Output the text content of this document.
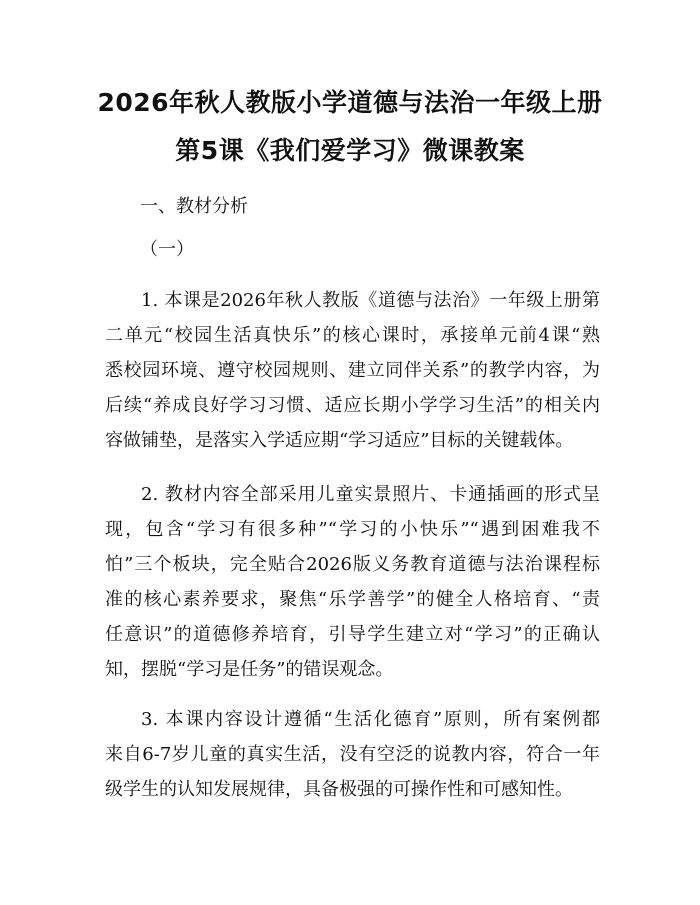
2026年秋人教版小学道德与法治一年级上册
第5课《我们爱学习》微课教案
一、教材分析
（一）
1. 本课是2026年秋人教版《道德与法治》一年级上册第
二单元“校园生活真快乐”的核心课时，承接单元前4课“熟
悉校园环境、遵守校园规则、建立同伴关系”的教学内容，为
后续“养成良好学习习惯、适应长期小学学习生活”的相关内
容做铺垫，是落实入学适应期“学习适应”目标的关键载体。
2. 教材内容全部采用儿童实景照片、卡通插画的形式呈
现，包含“学习有很多种”“学习的小快乐”“遇到困难我不
怕”三个板块，完全贴合2026版义务教育道德与法治课程标
准的核心素养要求，聚焦“乐学善学”的健全人格培育、“责
任意识”的道德修养培育，引导学生建立对“学习”的正确认
知，摆脱“学习是任务”的错误观念。
3. 本课内容设计遵循“生活化德育”原则，所有案例都
来自6-7岁儿童的真实生活，没有空泛的说教内容，符合一年
级学生的认知发展规律，具备极强的可操作性和可感知性。
